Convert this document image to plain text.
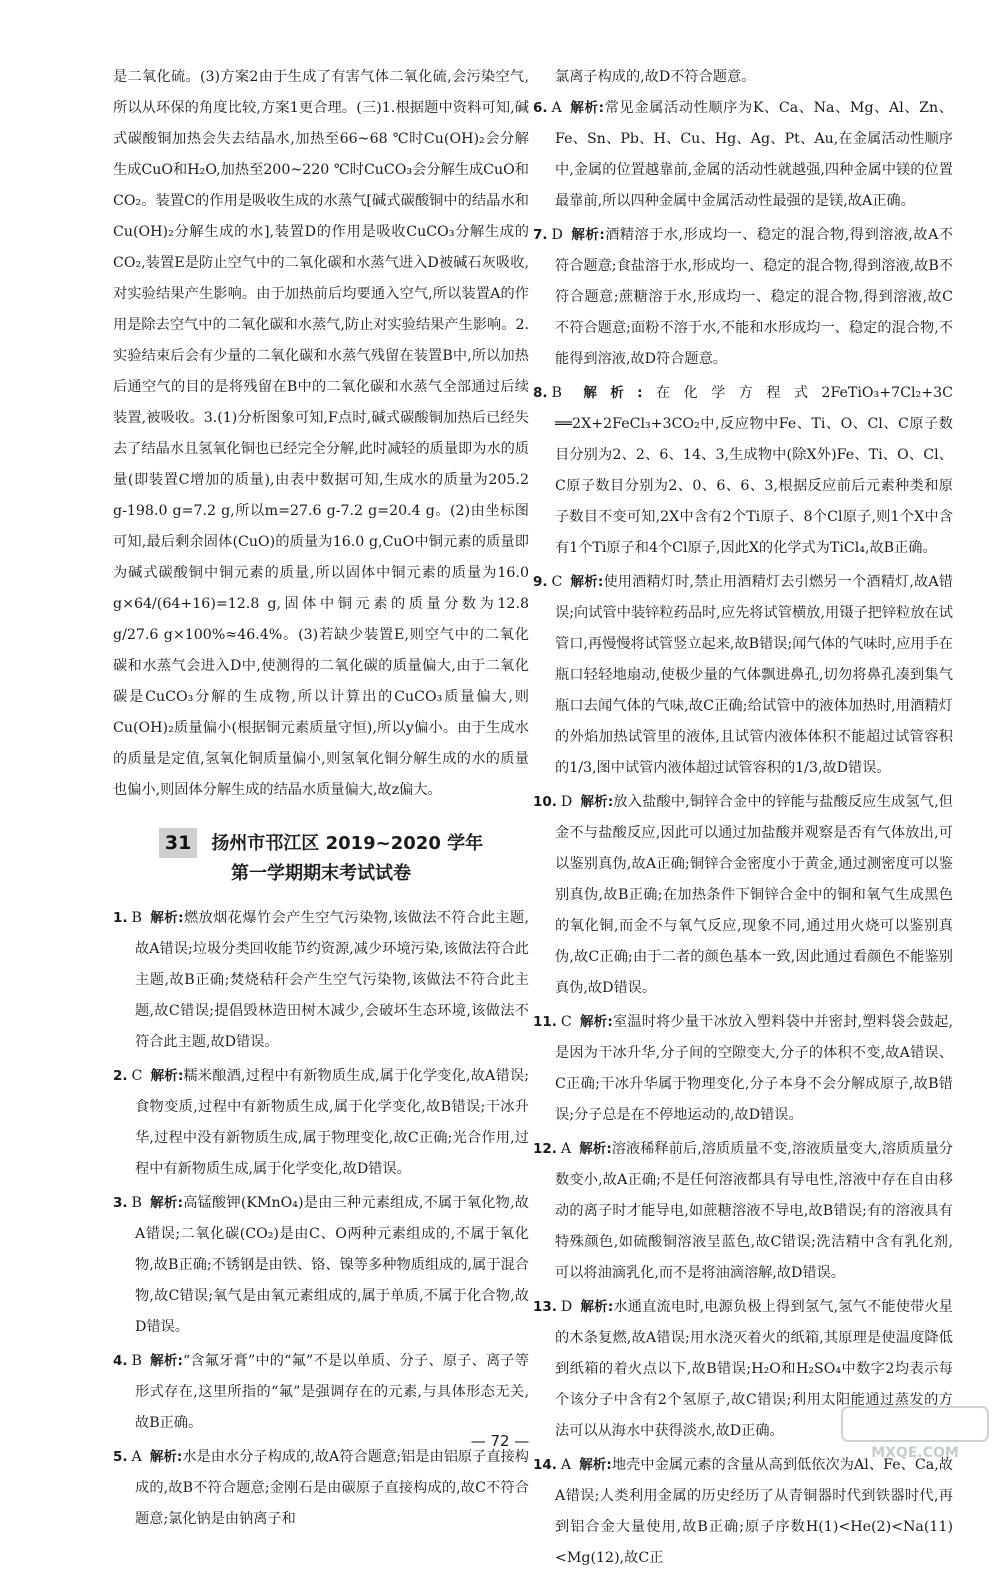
是二氧化硫。(3)方案2由于生成了有害气体二氧化硫,会污染空气,所以从环保的角度比较,方案1更合理。(三)1.根据题中资料可知,碱式碳酸铜加热会失去结晶水,加热至66~68 ℃时Cu(OH)₂会分解生成CuO和H₂O,加热至200~220 ℃时CuCO₃会分解生成CuO和CO₂。装置C的作用是吸收生成的水蒸气[碱式碳酸铜中的结晶水和Cu(OH)₂分解生成的水],装置D的作用是吸收CuCO₃分解生成的CO₂,装置E是防止空气中的二氧化碳和水蒸气进入D被碱石灰吸收,对实验结果产生影响。由于加热前后均要通入空气,所以装置A的作用是除去空气中的二氧化碳和水蒸气,防止对实验结果产生影响。2.实验结束后会有少量的二氧化碳和水蒸气残留在装置B中,所以加热后通空气的目的是将残留在B中的二氧化碳和水蒸气全部通过后续装置,被吸收。3.(1)分析图象可知,F点时,碱式碳酸铜加热后已经失去了结晶水且氢氧化铜也已经完全分解,此时减轻的质量即为水的质量(即装置C增加的质量),由表中数据可知,生成水的质量为205.2 g-198.0 g=7.2 g,所以m=27.6 g-7.2 g=20.4 g。(2)由坐标图可知,最后剩余固体(CuO)的质量为16.0 g,CuO中铜元素的质量即为碱式碳酸铜中铜元素的质量,所以固体中铜元素的质量为16.0 g×64/(64+16)=12.8 g,固体中铜元素的质量分数为12.8 g/27.6 g×100%≈46.4%。(3)若缺少装置E,则空气中的二氧化碳和水蒸气会进入D中,使测得的二氧化碳的质量偏大,由于二氧化碳是CuCO₃分解的生成物,所以计算出的CuCO₃质量偏大,则Cu(OH)₂质量偏小(根据铜元素质量守恒),所以y偏小。由于生成水的质量是定值,氢氧化铜质量偏小,则氢氧化铜分解生成的水的质量也偏小,则固体分解生成的结晶水质量偏大,故z偏大。

31 扬州市邗江区 2019~2020 学年
第一学期期末考试试卷

1. B 解析:燃放烟花爆竹会产生空气污染物,该做法不符合此主题,故A错误;垃圾分类回收能节约资源,减少环境污染,该做法符合此主题,故B正确;焚烧秸秆会产生空气污染物,该做法不符合此主题,故C错误;提倡毁林造田树木减少,会破坏生态环境,该做法不符合此主题,故D错误。

2. C 解析:糯米酿酒,过程中有新物质生成,属于化学变化,故A错误;食物变质,过程中有新物质生成,属于化学变化,故B错误;干冰升华,过程中没有新物质生成,属于物理变化,故C正确;光合作用,过程中有新物质生成,属于化学变化,故D错误。

3. B 解析:高锰酸钾(KMnO₄)是由三种元素组成,不属于氧化物,故A错误;二氧化碳(CO₂)是由C、O两种元素组成的,不属于氧化物,故B正确;不锈钢是由铁、铬、镍等多种物质组成的,属于混合物,故C错误;氧气是由氧元素组成的,属于单质,不属于化合物,故D错误。

4. B 解析:“含氟牙膏”中的“氟”不是以单质、分子、原子、离子等形式存在,这里所指的“氟”是强调存在的元素,与具体形态无关,故B正确。

5. A 解析:水是由水分子构成的,故A符合题意;铝是由铝原子直接构成的,故B不符合题意;金刚石是由碳原子直接构成的,故C不符合题意;氯化钠是由钠离子和

氯离子构成的,故D不符合题意。

6. A 解析:常见金属活动性顺序为K、Ca、Na、Mg、Al、Zn、Fe、Sn、Pb、H、Cu、Hg、Ag、Pt、Au,在金属活动性顺序中,金属的位置越靠前,金属的活动性就越强,四种金属中镁的位置最靠前,所以四种金属中金属活动性最强的是镁,故A正确。

7. D 解析:酒精溶于水,形成均一、稳定的混合物,得到溶液,故A不符合题意;食盐溶于水,形成均一、稳定的混合物,得到溶液,故B不符合题意;蔗糖溶于水,形成均一、稳定的混合物,得到溶液,故C不符合题意;面粉不溶于水,不能和水形成均一、稳定的混合物,不能得到溶液,故D符合题意。

8. B 解析:在化学方程式2FeTiO₃+7Cl₂+3C ══2X+2FeCl₃+3CO₂中,反应物中Fe、Ti、O、Cl、C原子数目分别为2、2、6、14、3,生成物中(除X外)Fe、Ti、O、Cl、C原子数目分别为2、0、6、6、3,根据反应前后元素种类和原子数目不变可知,2X中含有2个Ti原子、8个Cl原子,则1个X中含有1个Ti原子和4个Cl原子,因此X的化学式为TiCl₄,故B正确。

9. C 解析:使用酒精灯时,禁止用酒精灯去引燃另一个酒精灯,故A错误;向试管中装锌粒药品时,应先将试管横放,用镊子把锌粒放在试管口,再慢慢将试管竖立起来,故B错误;闻气体的气味时,应用手在瓶口轻轻地扇动,使极少量的气体飘进鼻孔,切勿将鼻孔凑到集气瓶口去闻气体的气味,故C正确;给试管中的液体加热时,用酒精灯的外焰加热试管里的液体,且试管内液体体积不能超过试管容积的1/3,图中试管内液体超过试管容积的1/3,故D错误。

10. D 解析:放入盐酸中,铜锌合金中的锌能与盐酸反应生成氢气,但金不与盐酸反应,因此可以通过加盐酸并观察是否有气体放出,可以鉴别真伪,故A正确;铜锌合金密度小于黄金,通过测密度可以鉴别真伪,故B正确;在加热条件下铜锌合金中的铜和氧气生成黑色的氧化铜,而金不与氧气反应,现象不同,通过用火烧可以鉴别真伪,故C正确;由于二者的颜色基本一致,因此通过看颜色不能鉴别真伪,故D错误。

11. C 解析:室温时将少量干冰放入塑料袋中并密封,塑料袋会鼓起,是因为干冰升华,分子间的空隙变大,分子的体积不变,故A错误、C正确;干冰升华属于物理变化,分子本身不会分解成原子,故B错误;分子总是在不停地运动的,故D错误。

12. A 解析:溶液稀释前后,溶质质量不变,溶液质量变大,溶质质量分数变小,故A正确;不是任何溶液都具有导电性,溶液中存在自由移动的离子时才能导电,如蔗糖溶液不导电,故B错误;有的溶液具有特殊颜色,如硫酸铜溶液呈蓝色,故C错误;洗洁精中含有乳化剂,可以将油滴乳化,而不是将油滴溶解,故D错误。

13. D 解析:水通直流电时,电源负极上得到氢气,氢气不能使带火星的木条复燃,故A错误;用水浇灭着火的纸箱,其原理是使温度降低到纸箱的着火点以下,故B错误;H₂O和H₂SO₄中数字2均表示每个该分子中含有2个氢原子,故C错误;利用太阳能通过蒸发的方法可以从海水中获得淡水,故D正确。

14. A 解析:地壳中金属元素的含量从高到低依次为Al、Fe、Ca,故A错误;人类利用金属的历史经历了从青铜器时代到铁器时代,再到铝合金大量使用,故B正确;原子序数H(1)<He(2)<Na(11)<Mg(12),故C正

— 72 —
MXQE.COM
